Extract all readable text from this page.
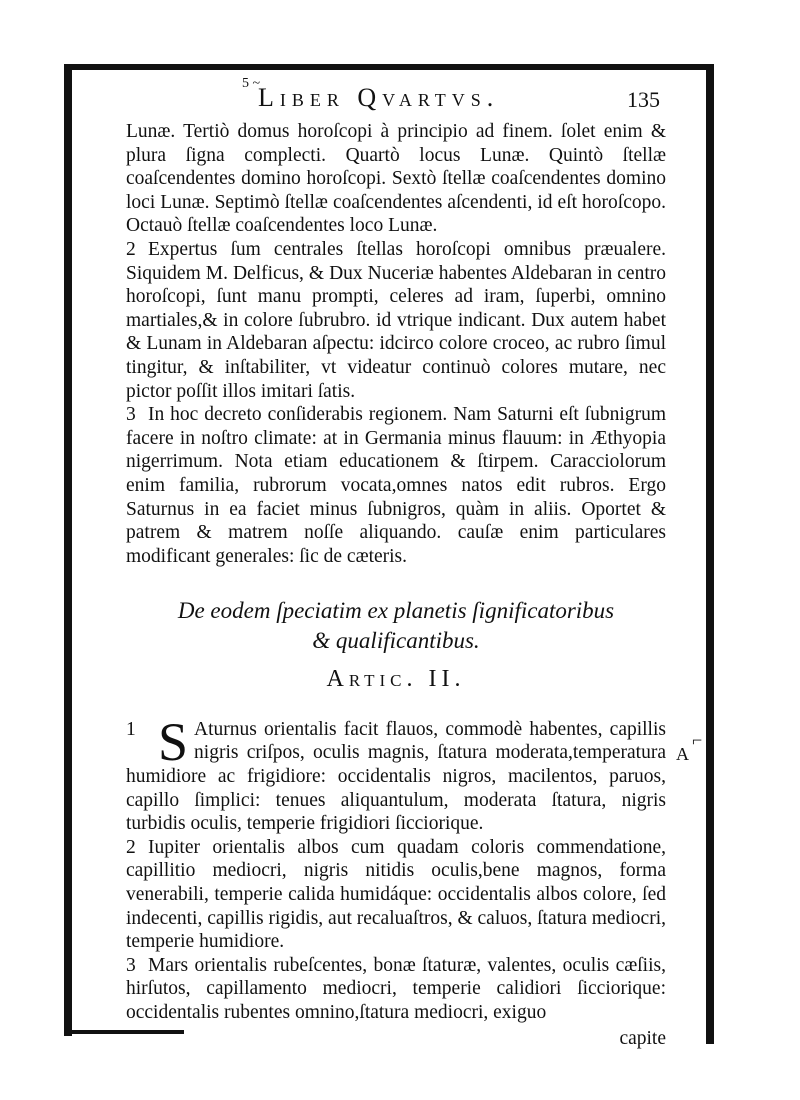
5 ~
Liber Qvartvs.	135

Lunæ. Tertiò domus horoſcopi à principio ad finem. ſolet enim & plura ſigna complecti. Quartò locus Lunæ. Quintò ſtellæ coaſcendentes domino horoſcopi. Sextò ſtellæ coaſcendentes domino loci Lunæ. Septimò ſtellæ coaſcendentes aſcendenti, id eſt horoſcopo. Octauò ſtellæ coaſcendentes loco Lunæ.

2 Expertus ſum centrales ſtellas horoſcopi omnibus præualere. Siquidem M. Delficus, & Dux Nuceriæ habentes Aldebaran in centro horoſcopi, ſunt manu prompti, celeres ad iram, ſuperbi, omnino martiales,& in colore ſubrubro. id vtrique indicant. Dux autem habet & Lunam in Aldebaran aſpectu: idcirco colore croceo, ac rubro ſimul tingitur, & inſtabiliter, vt videatur continuò colores mutare, nec pictor poſſit illos imitari ſatis.

3 In hoc decreto conſiderabis regionem. Nam Saturni eſt ſubnigrum facere in noſtro climate: at in Germania minus flauum: in Æthyopia nigerrimum. Nota etiam educationem & ſtirpem. Caracciolorum enim familia, rubrorum vocata,omnes natos edit rubros. Ergo Saturnus in ea faciet minus ſubnigros, quàm in aliis. Oportet & patrem & matrem noſſe aliquando. cauſæ enim particulares modificant generales: ſic de cæteris.

De eodem ſpeciatim ex planetis ſignificatoribus
& qualificantibus.
Artic. II.

1 S Aturnus orientalis facit flauos, commodè habentes, capillis nigris criſpos, oculis magnis, ſtatura moderata,temperatura humidiore ac frigidiore: occidentalis nigros, macilentos, paruos, capillo ſimplici: tenues aliquantulum, moderata ſtatura, nigris turbidis oculis, temperie frigidiori ſicciorique.

2 Iupiter orientalis albos cum quadam coloris commendatione, capillitio mediocri, nigris nitidis oculis,bene magnos, forma venerabili, temperie calida humidáque: occidentalis albos colore, ſed indecenti, capillis rigidis, aut recaluaſtros, & caluos, ſtatura mediocri, temperie humidiore.

3 Mars orientalis rubeſcentes, bonæ ſtaturæ, valentes, oculis cæſiis, hirſutos, capillamento mediocri, temperie calidiori ſicciorique: occidentalis rubentes omnino,ſtatura mediocri, exiguo

capite
⌐
A
